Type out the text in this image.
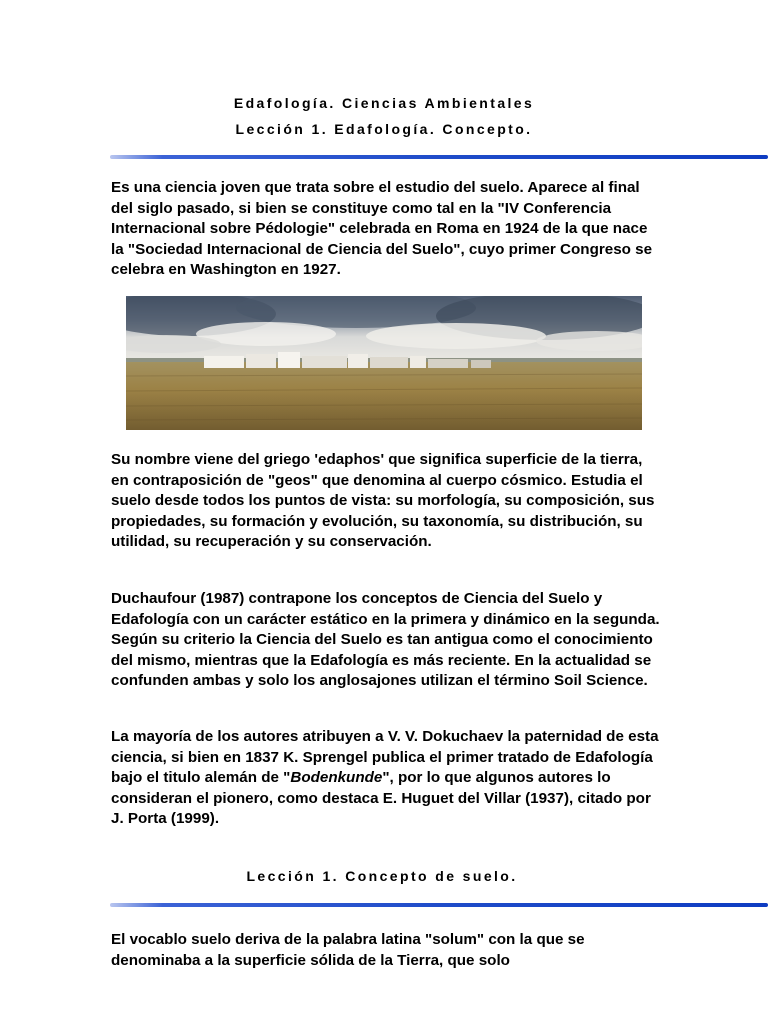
Edafología. Ciencias Ambientales
Lección 1. Edafología. Concepto.

Es una ciencia joven que trata sobre el estudio del suelo. Aparece al final del siglo pasado, si bien se constituye como tal en la "IV Conferencia Internacional sobre Pédologie" celebrada en Roma en 1924 de la que nace la "Sociedad Internacional de Ciencia del Suelo", cuyo primer Congreso se celebra en Washington en 1927.

Su nombre viene del griego 'edaphos' que significa superficie de la tierra, en contraposición de "geos" que denomina al cuerpo cósmico. Estudia el suelo desde todos los puntos de vista: su morfología, su composición, sus propiedades, su formación y evolución, su taxonomía, su distribución, su utilidad, su recuperación y su conservación.

Duchaufour (1987) contrapone los conceptos de Ciencia del Suelo y Edafología con un carácter estático en la primera y dinámico en la segunda. Según su criterio la Ciencia del Suelo es tan antigua como el conocimiento del mismo, mientras que la Edafología es más reciente. En la actualidad se confunden ambas y solo los anglosajones utilizan el término Soil Science.

La mayoría de los autores atribuyen a V. V. Dokuchaev la paternidad de esta ciencia, si bien en 1837 K. Sprengel publica el primer tratado de Edafología bajo el titulo alemán de "Bodenkunde", por lo que algunos autores lo consideran el pionero, como destaca E. Huguet del Villar (1937), citado por J. Porta (1999).

Lección 1. Concepto de suelo.

El vocablo suelo deriva de la palabra latina "solum" con la que se denominaba a la superficie sólida de la Tierra, que solo
